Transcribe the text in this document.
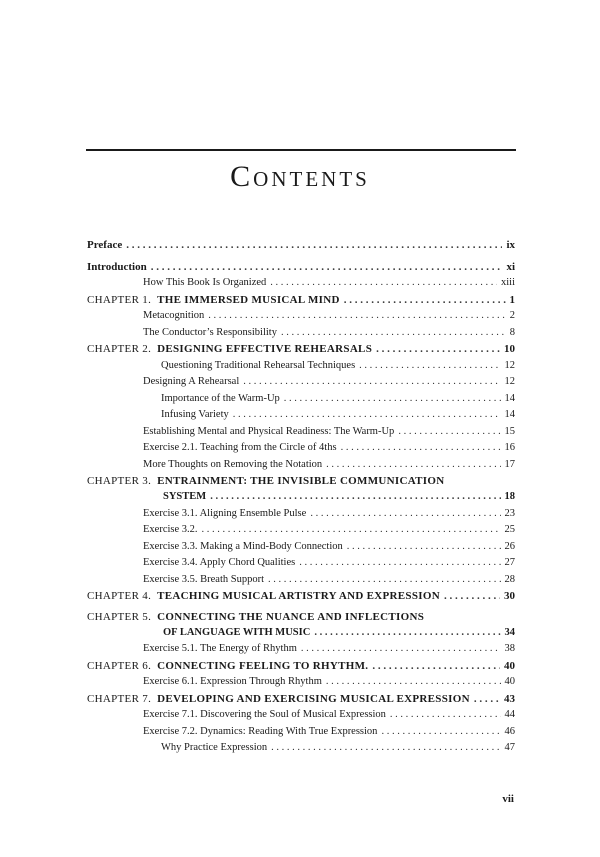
Contents
Preface . . .	ix
Introduction . . .	xi
How This Book Is Organized . . .	xiii
CHAPTER 1. THE IMMERSED MUSICAL MIND . . .	1
Metacognition . . .	2
The Conductor’s Responsibility . . .	8
CHAPTER 2. DESIGNING EFFECTIVE REHEARSALS . . .	10
Questioning Traditional Rehearsal Techniques . . .	12
Designing A Rehearsal . . .	12
Importance of the Warm-Up . . .	14
Infusing Variety . . .	14
Establishing Mental and Physical Readiness: The Warm-Up . . .	15
Exercise 2.1. Teaching from the Circle of 4ths . . .	16
More Thoughts on Removing the Notation . . .	17
CHAPTER 3. ENTRAINMENT: THE INVISIBLE COMMUNICATION
SYSTEM . . .	18
Exercise 3.1. Aligning Ensemble Pulse . . .	23
Exercise 3.2. . . .	25
Exercise 3.3. Making a Mind-Body Connection . . .	26
Exercise 3.4. Apply Chord Qualities . . .	27
Exercise 3.5. Breath Support . . .	28
CHAPTER 4. TEACHING MUSICAL ARTISTRY AND EXPRESSION . . .	30
CHAPTER 5. CONNECTING THE NUANCE AND INFLECTIONS
OF LANGUAGE WITH MUSIC . . .	34
Exercise 5.1. The Energy of Rhythm . . .	38
CHAPTER 6. CONNECTING FEELING TO RHYTHM. . . .	40
Exercise 6.1. Expression Through Rhythm . . .	40
CHAPTER 7. DEVELOPING AND EXERCISING MUSICAL EXPRESSION . . .	43
Exercise 7.1. Discovering the Soul of Musical Expression . . .	44
Exercise 7.2. Dynamics: Reading With True Expression . . .	46
Why Practice Expression . . .	47
vii
